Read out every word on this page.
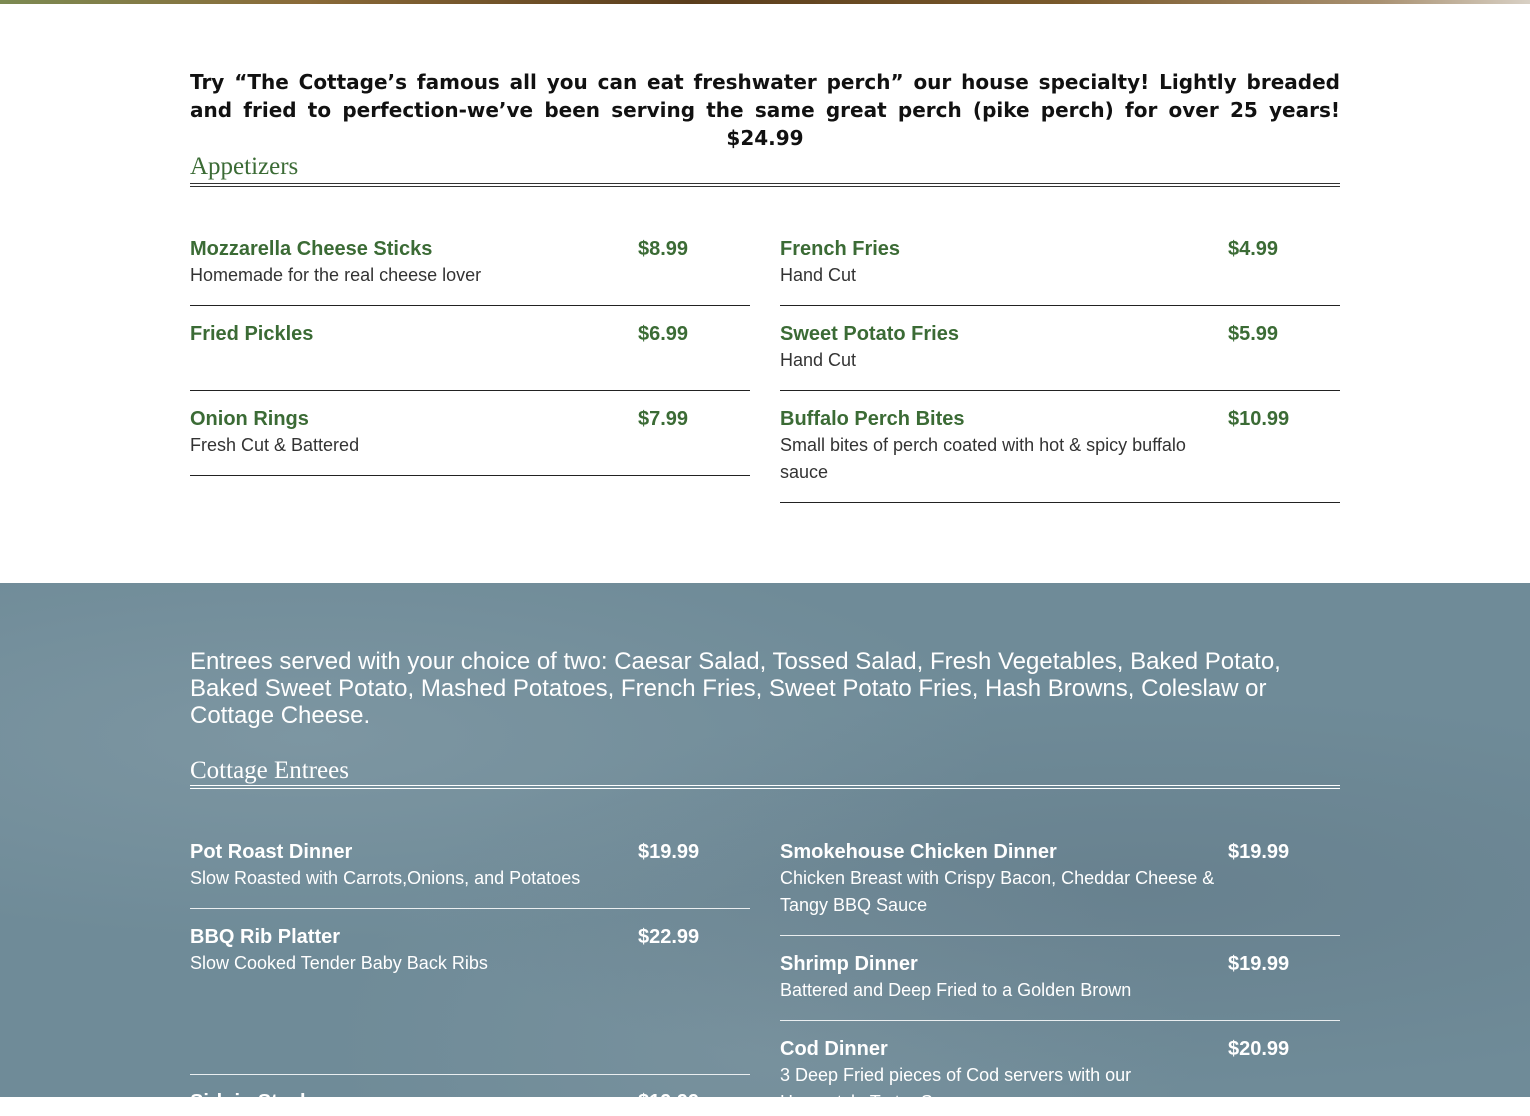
Try “The Cottage’s famous all you can eat freshwater perch” our house specialty! Lightly breaded and fried to perfection-we’ve been serving the same great perch (pike perch) for over 25 years! $24.99
Appetizers
Mozzarella Cheese Sticks	$8.99
Homemade for the real cheese lover
Fried Pickles	$6.99
Onion Rings	$7.99
Fresh Cut & Battered
French Fries	$4.99
Hand Cut
Sweet Potato Fries	$5.99
Hand Cut
Buffalo Perch Bites	$10.99
Small bites of perch coated with hot & spicy buffalo sauce
Entrees served with your choice of two: Caesar Salad, Tossed Salad, Fresh Vegetables, Baked Potato, Baked Sweet Potato, Mashed Potatoes, French Fries, Sweet Potato Fries, Hash Browns, Coleslaw or Cottage Cheese.
Cottage Entrees
Pot Roast Dinner	$19.99
Slow Roasted with Carrots,Onions, and Potatoes
BBQ Rib Platter	$22.99
Slow Cooked Tender Baby Back Ribs
Sirloin Steak	$19.99
Smokehouse Chicken Dinner	$19.99
Chicken Breast with Crispy Bacon, Cheddar Cheese & Tangy BBQ Sauce
Shrimp Dinner	$19.99
Battered and Deep Fried to a Golden Brown
Cod Dinner	$20.99
3 Deep Fried pieces of Cod servers with our Homestyle Tartar Sauce
